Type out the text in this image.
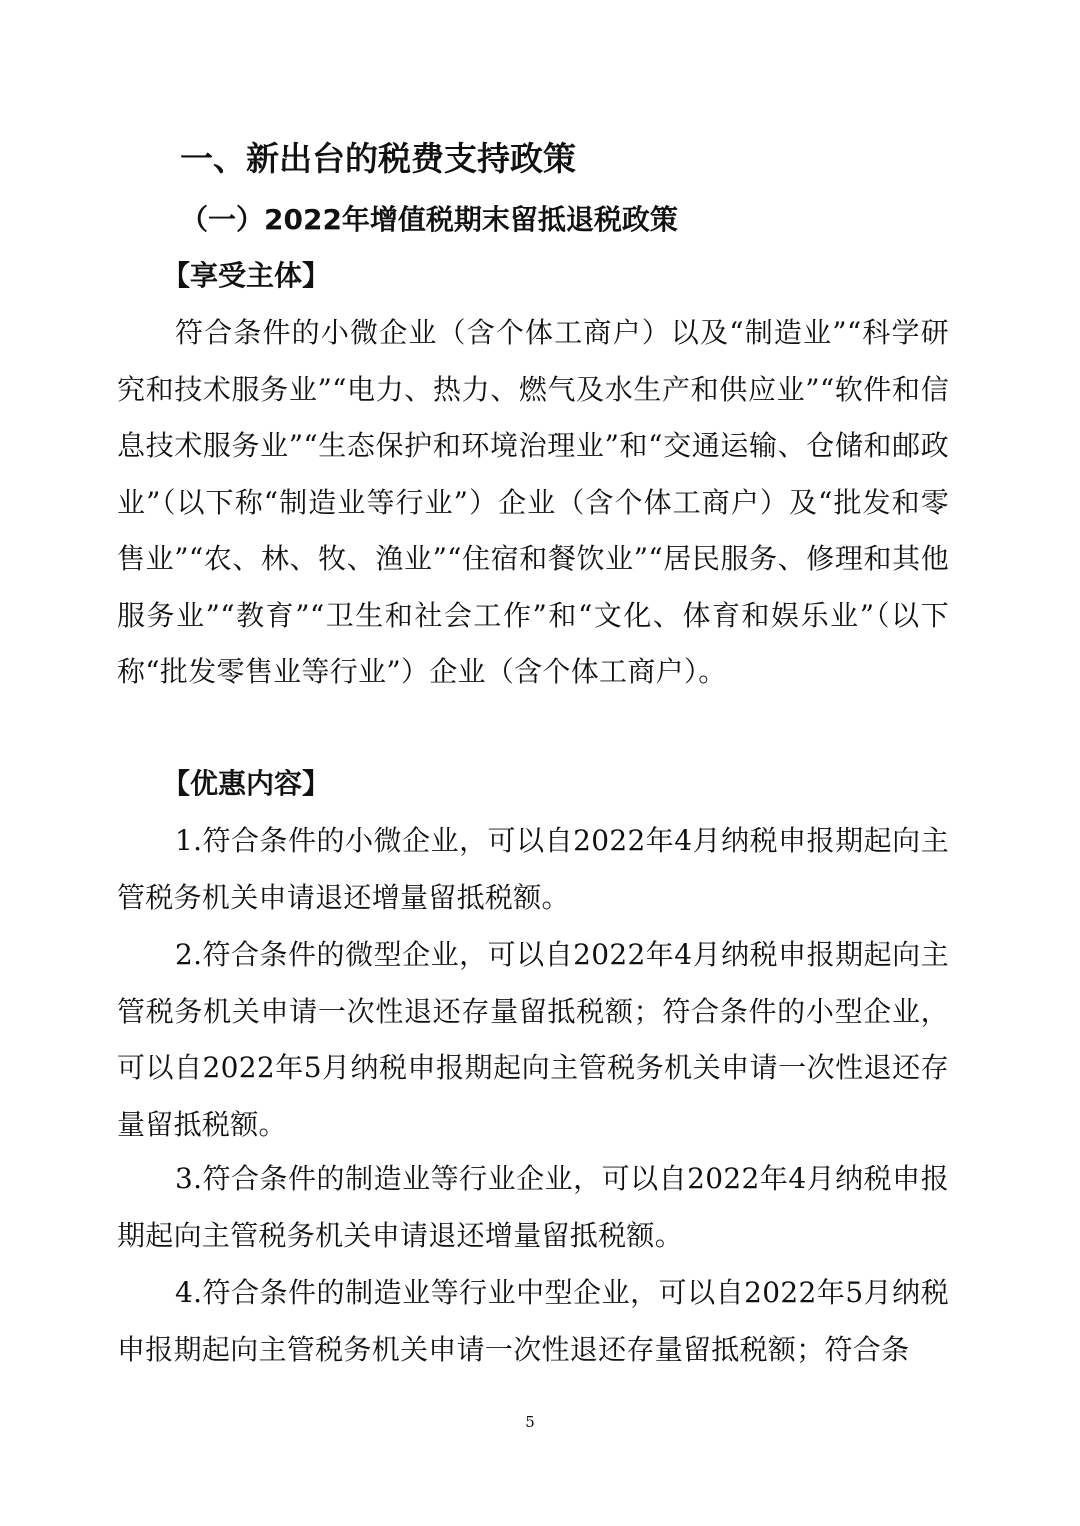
一、新出台的税费支持政策
（一）2022年增值税期末留抵退税政策
【享受主体】

符合条件的小微企业（含个体工商户）以及“制造业”“科学研究和技术服务业”“电力、热力、燃气及水生产和供应业”“软件和信息技术服务业”“生态保护和环境治理业”和“交通运输、仓储和邮政业”（以下称“制造业等行业”）企业（含个体工商户）及“批发和零售业”“农、林、牧、渔业”“住宿和餐饮业”“居民服务、修理和其他服务业”“教育”“卫生和社会工作”和“文化、体育和娱乐业”（以下称“批发零售业等行业”）企业（含个体工商户）。

【优惠内容】

1.符合条件的小微企业，可以自2022年4月纳税申报期起向主管税务机关申请退还增量留抵税额。

2.符合条件的微型企业，可以自2022年4月纳税申报期起向主管税务机关申请一次性退还存量留抵税额；符合条件的小型企业，可以自2022年5月纳税申报期起向主管税务机关申请一次性退还存量留抵税额。

3.符合条件的制造业等行业企业，可以自2022年4月纳税申报期起向主管税务机关申请退还增量留抵税额。

4.符合条件的制造业等行业中型企业，可以自2022年5月纳税申报期起向主管税务机关申请一次性退还存量留抵税额；符合条

5
